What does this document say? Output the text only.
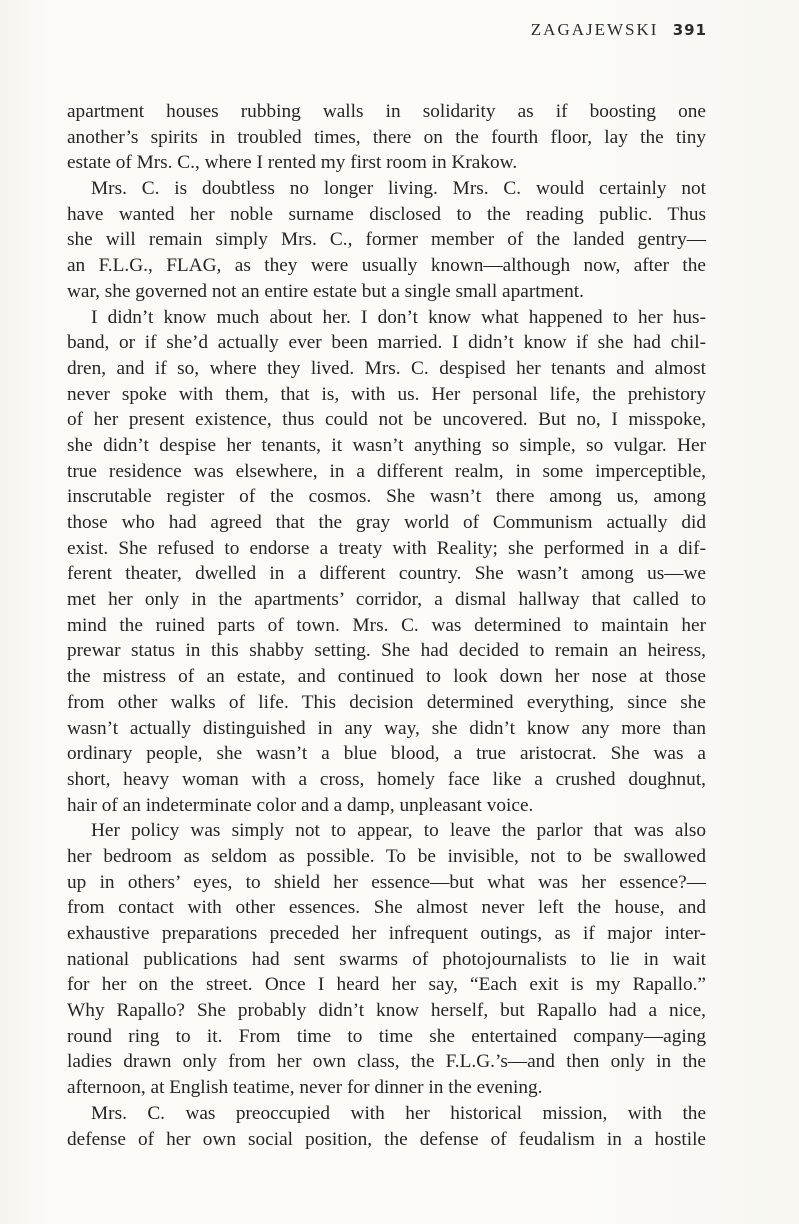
ZAGAJEWSKI 391
apartment houses rubbing walls in solidarity as if boosting one
another’s spirits in troubled times, there on the fourth floor, lay the tiny
estate of Mrs. C., where I rented my first room in Krakow.
Mrs. C. is doubtless no longer living. Mrs. C. would certainly not
have wanted her noble surname disclosed to the reading public. Thus
she will remain simply Mrs. C., former member of the landed gentry—
an F.L.G., FLAG, as they were usually known—although now, after the
war, she governed not an entire estate but a single small apartment.
I didn’t know much about her. I don’t know what happened to her hus-
band, or if she’d actually ever been married. I didn’t know if she had chil-
dren, and if so, where they lived. Mrs. C. despised her tenants and almost
never spoke with them, that is, with us. Her personal life, the prehistory
of her present existence, thus could not be uncovered. But no, I misspoke,
she didn’t despise her tenants, it wasn’t anything so simple, so vulgar. Her
true residence was elsewhere, in a different realm, in some imperceptible,
inscrutable register of the cosmos. She wasn’t there among us, among
those who had agreed that the gray world of Communism actually did
exist. She refused to endorse a treaty with Reality; she performed in a dif-
ferent theater, dwelled in a different country. She wasn’t among us—we
met her only in the apartments’ corridor, a dismal hallway that called to
mind the ruined parts of town. Mrs. C. was determined to maintain her
prewar status in this shabby setting. She had decided to remain an heiress,
the mistress of an estate, and continued to look down her nose at those
from other walks of life. This decision determined everything, since she
wasn’t actually distinguished in any way, she didn’t know any more than
ordinary people, she wasn’t a blue blood, a true aristocrat. She was a
short, heavy woman with a cross, homely face like a crushed doughnut,
hair of an indeterminate color and a damp, unpleasant voice.
Her policy was simply not to appear, to leave the parlor that was also
her bedroom as seldom as possible. To be invisible, not to be swallowed
up in others’ eyes, to shield her essence—but what was her essence?—
from contact with other essences. She almost never left the house, and
exhaustive preparations preceded her infrequent outings, as if major inter-
national publications had sent swarms of photojournalists to lie in wait
for her on the street. Once I heard her say, “Each exit is my Rapallo.”
Why Rapallo? She probably didn’t know herself, but Rapallo had a nice,
round ring to it. From time to time she entertained company—aging
ladies drawn only from her own class, the F.L.G.’s—and then only in the
afternoon, at English teatime, never for dinner in the evening.
Mrs. C. was preoccupied with her historical mission, with the
defense of her own social position, the defense of feudalism in a hostile
